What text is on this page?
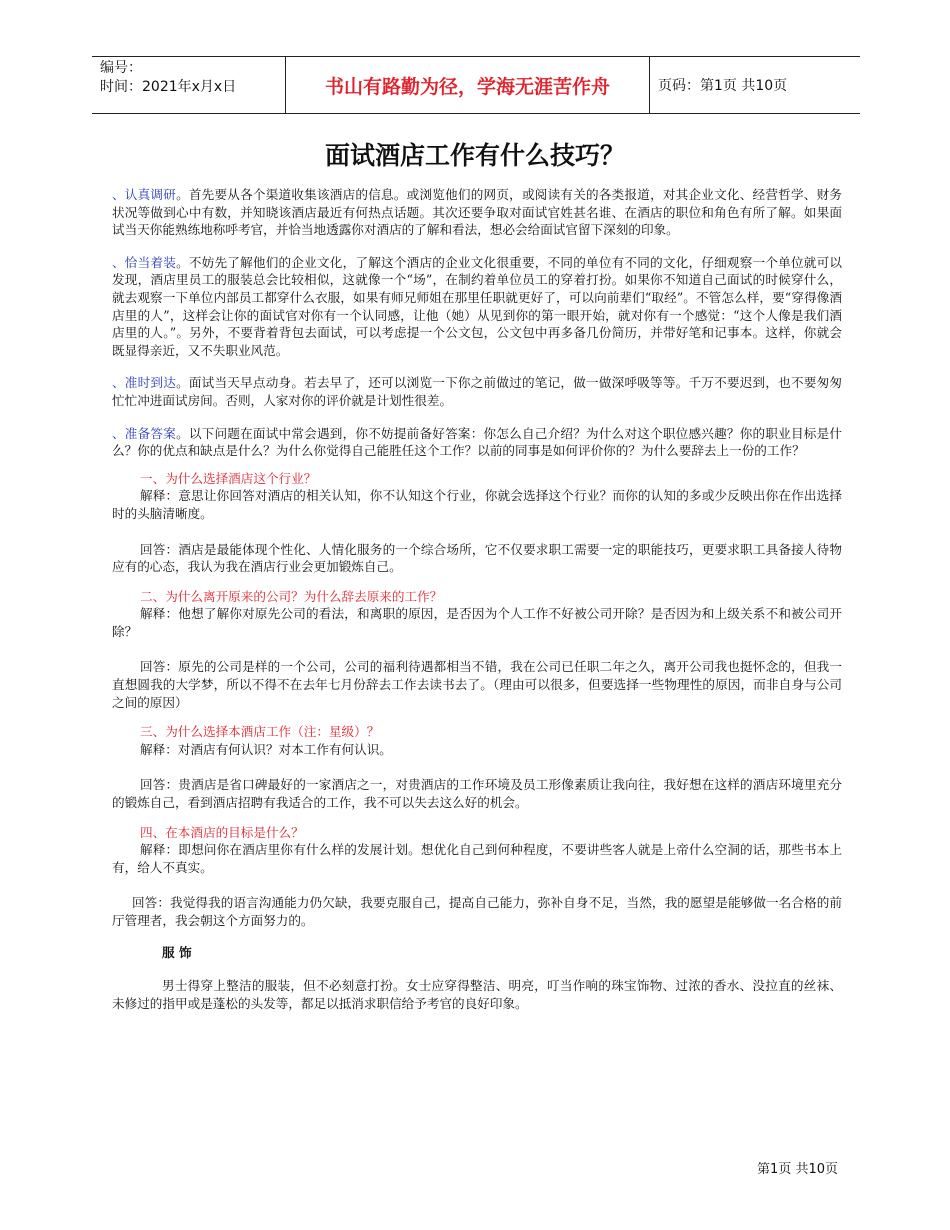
编号：
时间：2021年x月x日	书山有路勤为径，学海无涯苦作舟	页码：第1页 共10页
面试酒店工作有什么技巧？

、认真调研。首先要从各个渠道收集该酒店的信息。或浏览他们的网页，或阅读有关的各类报道，对其企业文化、经营哲学、财务状况等做到心中有数，并知晓该酒店最近有何热点话题。其次还要争取对面试官姓甚名谁、在酒店的职位和角色有所了解。如果面试当天你能熟练地称呼考官，并恰当地透露你对酒店的了解和看法，想必会给面试官留下深刻的印象。

、恰当着装。不妨先了解他们的企业文化，了解这个酒店的企业文化很重要，不同的单位有不同的文化，仔细观察一个单位就可以发现，酒店里员工的服装总会比较相似，这就像一个“场”，在制约着单位员工的穿着打扮。如果你不知道自己面试的时候穿什么，就去观察一下单位内部员工都穿什么衣服，如果有师兄师姐在那里任职就更好了，可以向前辈们“取经”。不管怎么样，要“穿得像酒店里的人”，这样会让你的面试官对你有一个认同感，让他（她）从见到你的第一眼开始，就对你有一个感觉：“这个人像是我们酒店里的人。”。另外，不要背着背包去面试，可以考虑提一个公文包，公文包中再多备几份简历，并带好笔和记事本。这样，你就会既显得亲近，又不失职业风范。

、准时到达。面试当天早点动身。若去早了，还可以浏览一下你之前做过的笔记，做一做深呼吸等等。千万不要迟到，也不要匆匆忙忙冲进面试房间。否则，人家对你的评价就是计划性很差。

、准备答案。以下问题在面试中常会遇到，你不妨提前备好答案：你怎么自己介绍？为什么对这个职位感兴趣？你的职业目标是什么？你的优点和缺点是什么？为什么你觉得自己能胜任这个工作？以前的同事是如何评价你的？为什么要辞去上一份的工作？

一、为什么选择酒店这个行业？

解释：意思让你回答对酒店的相关认知，你不认知这个行业，你就会选择这个行业？而你的认知的多或少反映出你在作出选择时的头脑清晰度。

回答：酒店是最能体现个性化、人情化服务的一个综合场所，它不仅要求职工需要一定的职能技巧，更要求职工具备接人待物应有的心态，我认为我在酒店行业会更加锻炼自己。

二、为什么离开原来的公司？为什么辞去原来的工作？

解释：他想了解你对原先公司的看法，和离职的原因，是否因为个人工作不好被公司开除？是否因为和上级关系不和被公司开除？

回答：原先的公司是样的一个公司，公司的福利待遇都相当不错，我在公司已任职二年之久，离开公司我也挺怀念的，但我一直想圆我的大学梦，所以不得不在去年七月份辞去工作去读书去了。（理由可以很多，但要选择一些物理性的原因，而非自身与公司之间的原因）

三、为什么选择本酒店工作（注：星级）？

解释：对酒店有何认识？对本工作有何认识。

回答：贵酒店是省口碑最好的一家酒店之一，对贵酒店的工作环境及员工形像素质让我向往，我好想在这样的酒店环境里充分的锻炼自己，看到酒店招聘有我适合的工作，我不可以失去这么好的机会。

四、在本酒店的目标是什么？

解释：即想问你在酒店里你有什么样的发展计划。想优化自己到何种程度，不要讲些客人就是上帝什么空洞的话，那些书本上有，给人不真实。

回答：我觉得我的语言沟通能力仍欠缺，我要克服自己，提高自己能力，弥补自身不足，当然，我的愿望是能够做一名合格的前厅管理者，我会朝这个方面努力的。

服 饰

男士得穿上整洁的服装，但不必刻意打扮。女士应穿得整洁、明亮，叮当作响的珠宝饰物、过浓的香水、没拉直的丝袜、未修过的指甲或是蓬松的头发等，都足以抵消求职信给予考官的良好印象。

第1页 共10页
